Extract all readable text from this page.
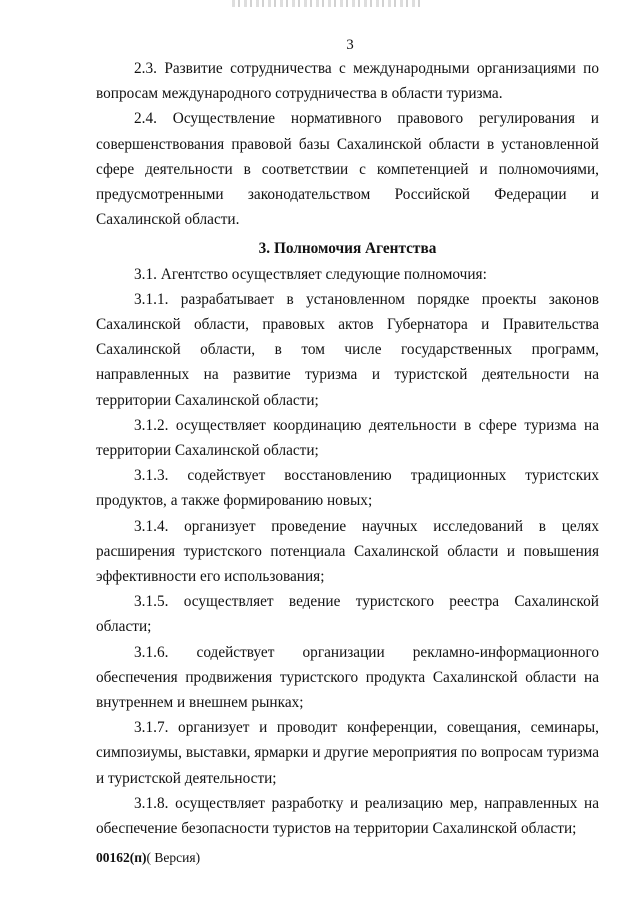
3

2.3. Развитие сотрудничества с международными организациями по вопросам международного сотрудничества в области туризма.

2.4. Осуществление нормативного правового регулирования и совершенствования правовой базы Сахалинской области в установленной сфере деятельности в соответствии с компетенцией и полномочиями, предусмотренными законодательством Российской Федерации и Сахалинской области.

3. Полномочия Агентства

3.1. Агентство осуществляет следующие полномочия:

3.1.1. разрабатывает в установленном порядке проекты законов Сахалинской области, правовых актов Губернатора и Правительства Сахалинской области, в том числе государственных программ, направленных на развитие туризма и туристской деятельности на территории Сахалинской области;

3.1.2. осуществляет координацию деятельности в сфере туризма на территории Сахалинской области;

3.1.3. содействует восстановлению традиционных туристских продуктов, а также формированию новых;

3.1.4. организует проведение научных исследований в целях расширения туристского потенциала Сахалинской области и повышения эффективности его использования;

3.1.5. осуществляет ведение туристского реестра Сахалинской области;

3.1.6. содействует организации рекламно-информационного обеспечения продвижения туристского продукта Сахалинской области на внутреннем и внешнем рынках;

3.1.7. организует и проводит конференции, совещания, семинары, симпозиумы, выставки, ярмарки и другие мероприятия по вопросам туризма и туристской деятельности;

3.1.8. осуществляет разработку и реализацию мер, направленных на обеспечение безопасности туристов на территории Сахалинской области;

00162(п)( Версия)
